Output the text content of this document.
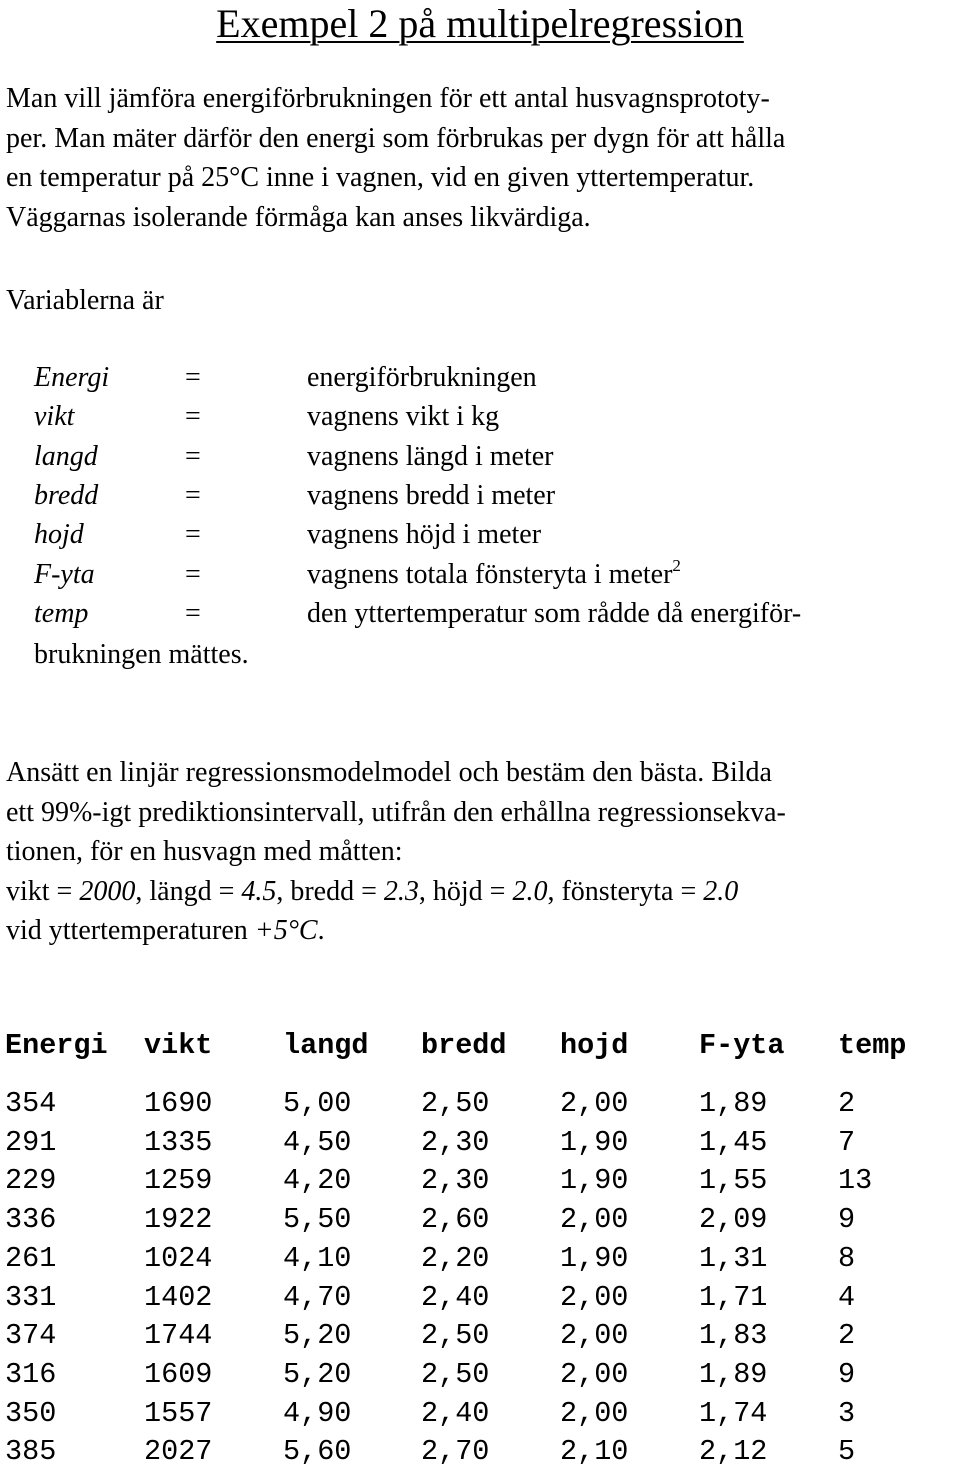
Exempel 2 på multipelregression
Man vill jämföra energiförbrukningen för ett antal husvagnsprototy-
per. Man mäter därför den energi som förbrukas per dygn för att hålla
en temperatur på 25°C inne i vagnen, vid en given yttertemperatur.
Väggarnas isolerande förmåga kan anses likvärdiga.
Variablerna är
Energi	=	energiförbrukningen
vikt	=	vagnens vikt i kg
langd	=	vagnens längd i meter
bredd	=	vagnens bredd i meter
hojd	=	vagnens höjd i meter
F-yta	=	vagnens totala fönsteryta i meter$^2$
temp	=	den yttertemperatur som rådde då energiför-
brukningen mättes.
Ansätt en linjär regressionsmodelmodel och bestäm den bästa. Bilda
ett 99%-igt prediktionsintervall, utifrån den erhållna regressionsekva-
tionen, för en husvagn med måtten:
vikt = 2000, längd = 4.5, bredd = 2.3, höjd = 2.0, fönsteryta = 2.0
vid yttertemperaturen +5°C.
Energi vikt langd bredd hojd F-yta temp
354	1690 5,00 2,50 2,00 1,89 2
291	1335 4,50 2,30 1,90 1,45 7
229	1259 4,20 2,30 1,90 1,55 13
336	1922 5,50 2,60 2,00 2,09 9
261	1024 4,10 2,20 1,90 1,31 8
331	1402 4,70 2,40 2,00 1,71 4
374	1744 5,20 2,50 2,00 1,83 2
316	1609 5,20 2,50 2,00 1,89 9
350	1557 4,90 2,40 2,00 1,74 3
385	2027 5,60 2,70 2,10 2,12 5
